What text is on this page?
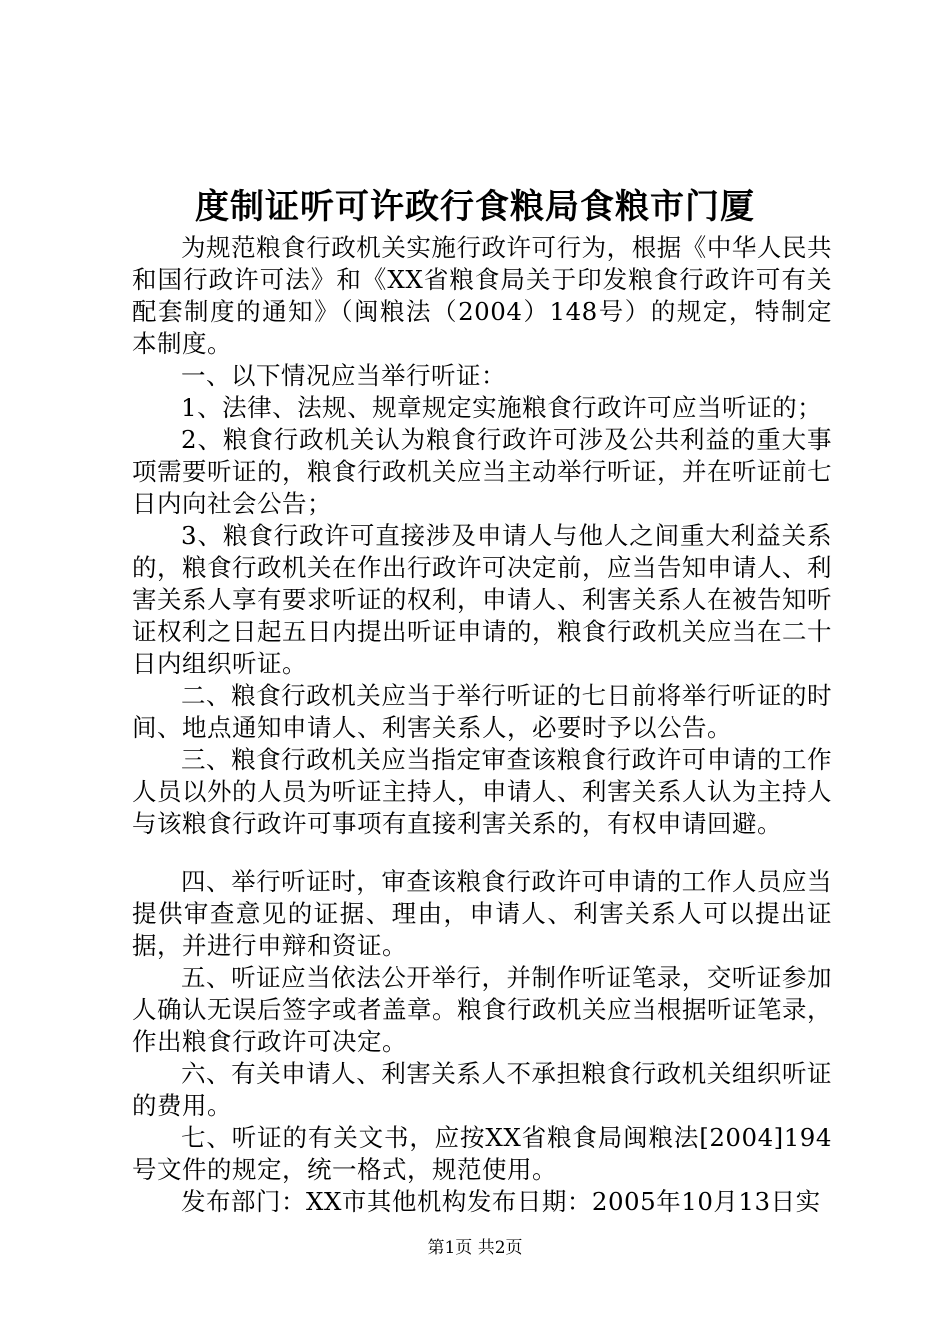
度制证听可许政行食粮局食粮市门厦

为规范粮食行政机关实施行政许可行为，根据《中华人民共和国行政许可法》和《XX省粮食局关于印发粮食行政许可有关配套制度的通知》（闽粮法（2004）148号）的规定，特制定本制度。

一、以下情况应当举行听证：

1、法律、法规、规章规定实施粮食行政许可应当听证的；

2、粮食行政机关认为粮食行政许可涉及公共利益的重大事项需要听证的，粮食行政机关应当主动举行听证，并在听证前七日内向社会公告；

3、粮食行政许可直接涉及申请人与他人之间重大利益关系的，粮食行政机关在作出行政许可决定前，应当告知申请人、利害关系人享有要求听证的权利，申请人、利害关系人在被告知听证权利之日起五日内提出听证申请的，粮食行政机关应当在二十日内组织听证。

二、粮食行政机关应当于举行听证的七日前将举行听证的时间、地点通知申请人、利害关系人，必要时予以公告。

三、粮食行政机关应当指定审查该粮食行政许可申请的工作人员以外的人员为听证主持人，申请人、利害关系人认为主持人与该粮食行政许可事项有直接利害关系的，有权申请回避。

四、举行听证时，审查该粮食行政许可申请的工作人员应当提供审查意见的证据、理由，申请人、利害关系人可以提出证据，并进行申辩和资证。

五、听证应当依法公开举行，并制作听证笔录，交听证参加人确认无误后签字或者盖章。粮食行政机关应当根据听证笔录，作出粮食行政许可决定。

六、有关申请人、利害关系人不承担粮食行政机关组织听证的费用。

七、听证的有关文书，应按XX省粮食局闽粮法[2004]194号文件的规定，统一格式，规范使用。

发布部门：XX市其他机构发布日期：2005年10月13日实

第1页 共2页
